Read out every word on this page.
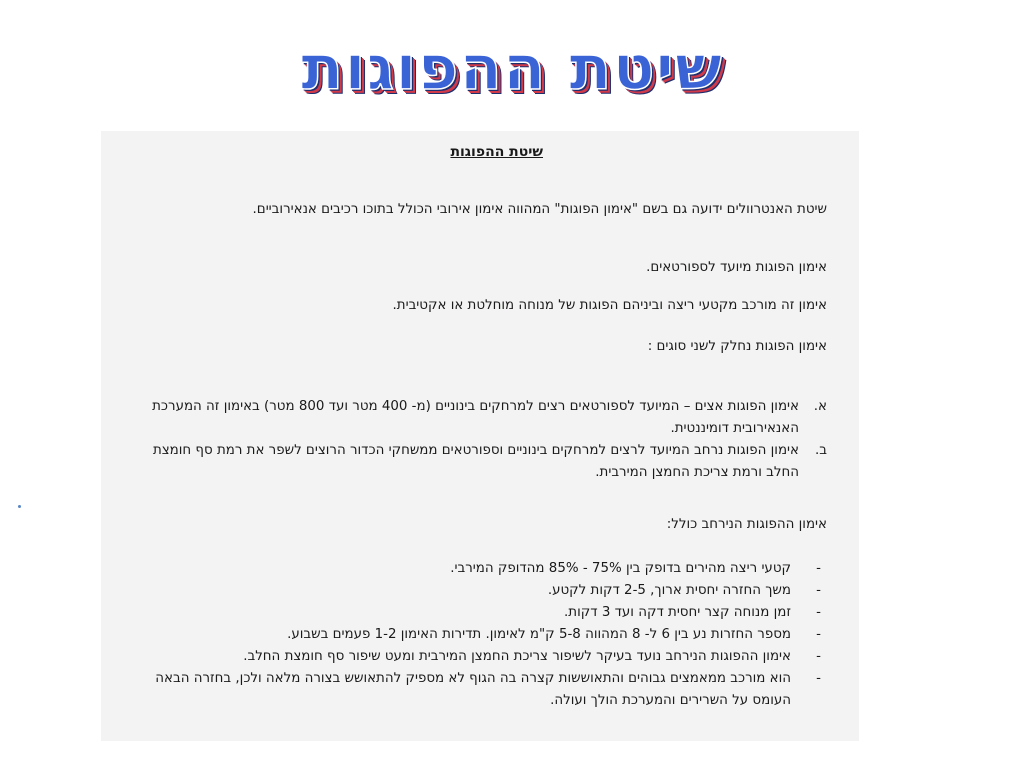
שיטת ההפוגות
שיטת ההפוגות
שיטת האנטרוולים ידועה גם בשם "אימון הפוגות" המהווה אימון אירובי הכולל בתוכו רכיבים אנאירוביים.
אימון הפוגות מיועד לספורטאים.
אימון זה מורכב מקטעי ריצה וביניהם הפוגות של מנוחה מוחלטת או אקטיבית.
אימון הפוגות נחלק לשני סוגים :
א.
אימון הפוגות אצים – המיועד לספורטאים רצים למרחקים בינוניים (מ- 400 מטר ועד 800 מטר) באימון זה המערכת האנאירובית דומיננטית.
ב.
אימון הפוגות נרחב המיועד לרצים למרחקים בינוניים וספורטאים ממשחקי הכדור הרוצים לשפר את רמת סף חומצת החלב ורמת צריכת החמצן המירבית.
אימון ההפוגות הנירחב כולל:
-
קטעי ריצה מהירים בדופק בין 75% - 85% מהדופק המירבי.
-
משך החזרה יחסית ארוך, 2-5 דקות לקטע.
-
זמן מנוחה קצר יחסית דקה ועד 3 דקות.
-
מספר החזרות נע בין 6 ל- 8 המהווה 5-8 ק"מ לאימון. תדירות האימון 1-2 פעמים בשבוע.
-
אימון ההפוגות הנירחב נועד בעיקר לשיפור צריכת החמצן המירבית ומעט שיפור סף חומצת החלב.
-
הוא מורכב ממאמצים גבוהים והתאוששות קצרה בה הגוף לא מספיק להתאושש בצורה מלאה ולכן, בחזרה הבאה העומס על השרירים והמערכת הולך ועולה.
